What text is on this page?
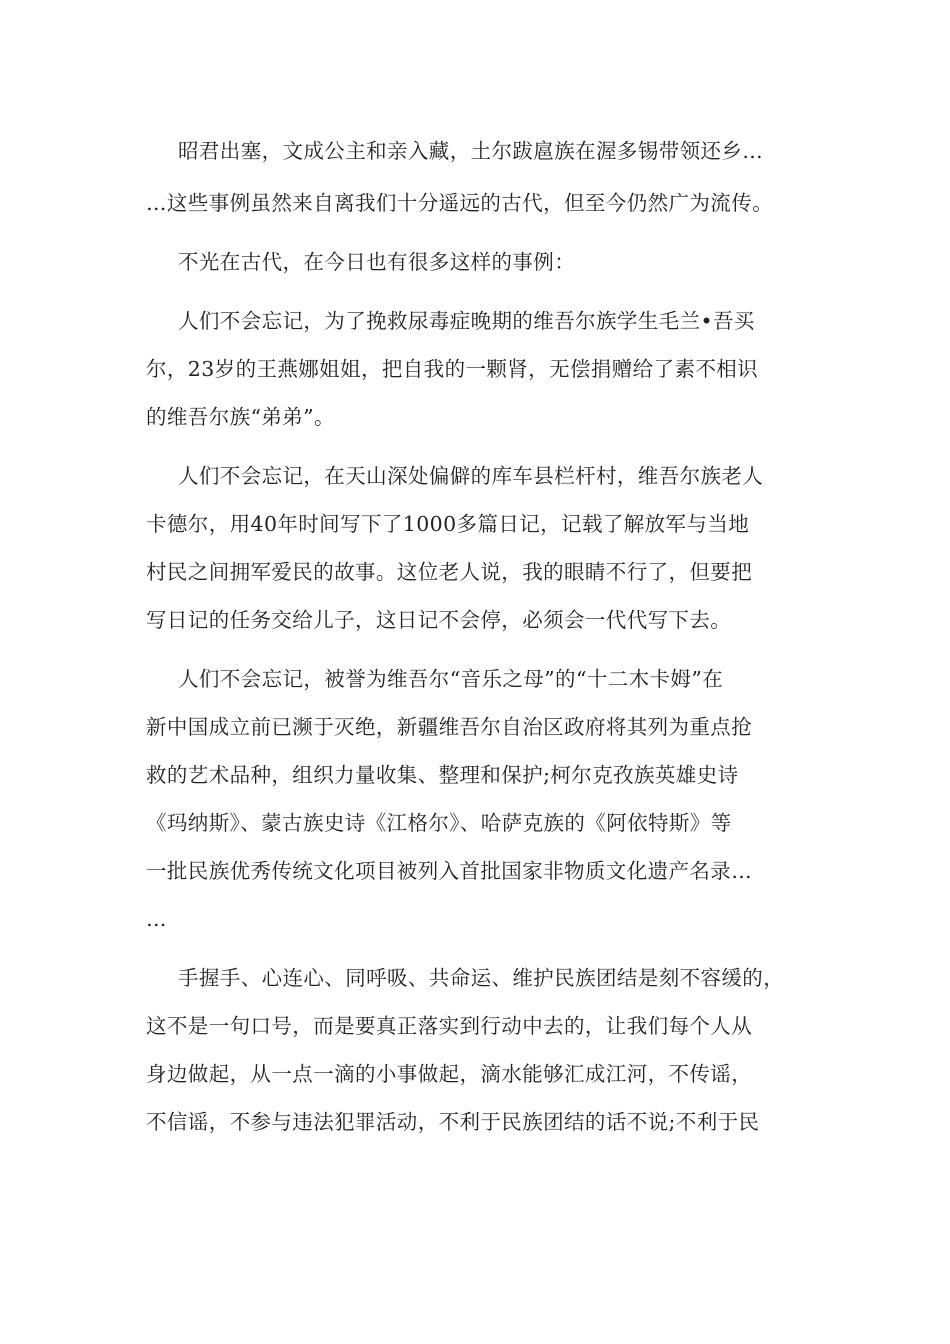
昭君出塞，文成公主和亲入藏，土尔跋扈族在渥多锡带领还乡…
…这些事例虽然来自离我们十分遥远的古代，但至今仍然广为流传。
不光在古代，在今日也有很多这样的事例：
人们不会忘记，为了挽救尿毒症晚期的维吾尔族学生毛兰•吾买
尔，23岁的王燕娜姐姐，把自我的一颗肾，无偿捐赠给了素不相识
的维吾尔族“弟弟”。
人们不会忘记，在天山深处偏僻的库车县栏杆村，维吾尔族老人
卡德尔，用40年时间写下了1000多篇日记，记载了解放军与当地
村民之间拥军爱民的故事。这位老人说，我的眼睛不行了，但要把
写日记的任务交给儿子，这日记不会停，必须会一代代写下去。
人们不会忘记，被誉为维吾尔“音乐之母”的“十二木卡姆”在
新中国成立前已濒于灭绝，新疆维吾尔自治区政府将其列为重点抢
救的艺术品种，组织力量收集、整理和保护;柯尔克孜族英雄史诗
《玛纳斯》、蒙古族史诗《江格尔》、哈萨克族的《阿依特斯》等
一批民族优秀传统文化项目被列入首批国家非物质文化遗产名录…
…
手握手、心连心、同呼吸、共命运、维护民族团结是刻不容缓的，
这不是一句口号，而是要真正落实到行动中去的，让我们每个人从
身边做起，从一点一滴的小事做起，滴水能够汇成江河，不传谣，
不信谣，不参与违法犯罪活动，不利于民族团结的话不说;不利于民
